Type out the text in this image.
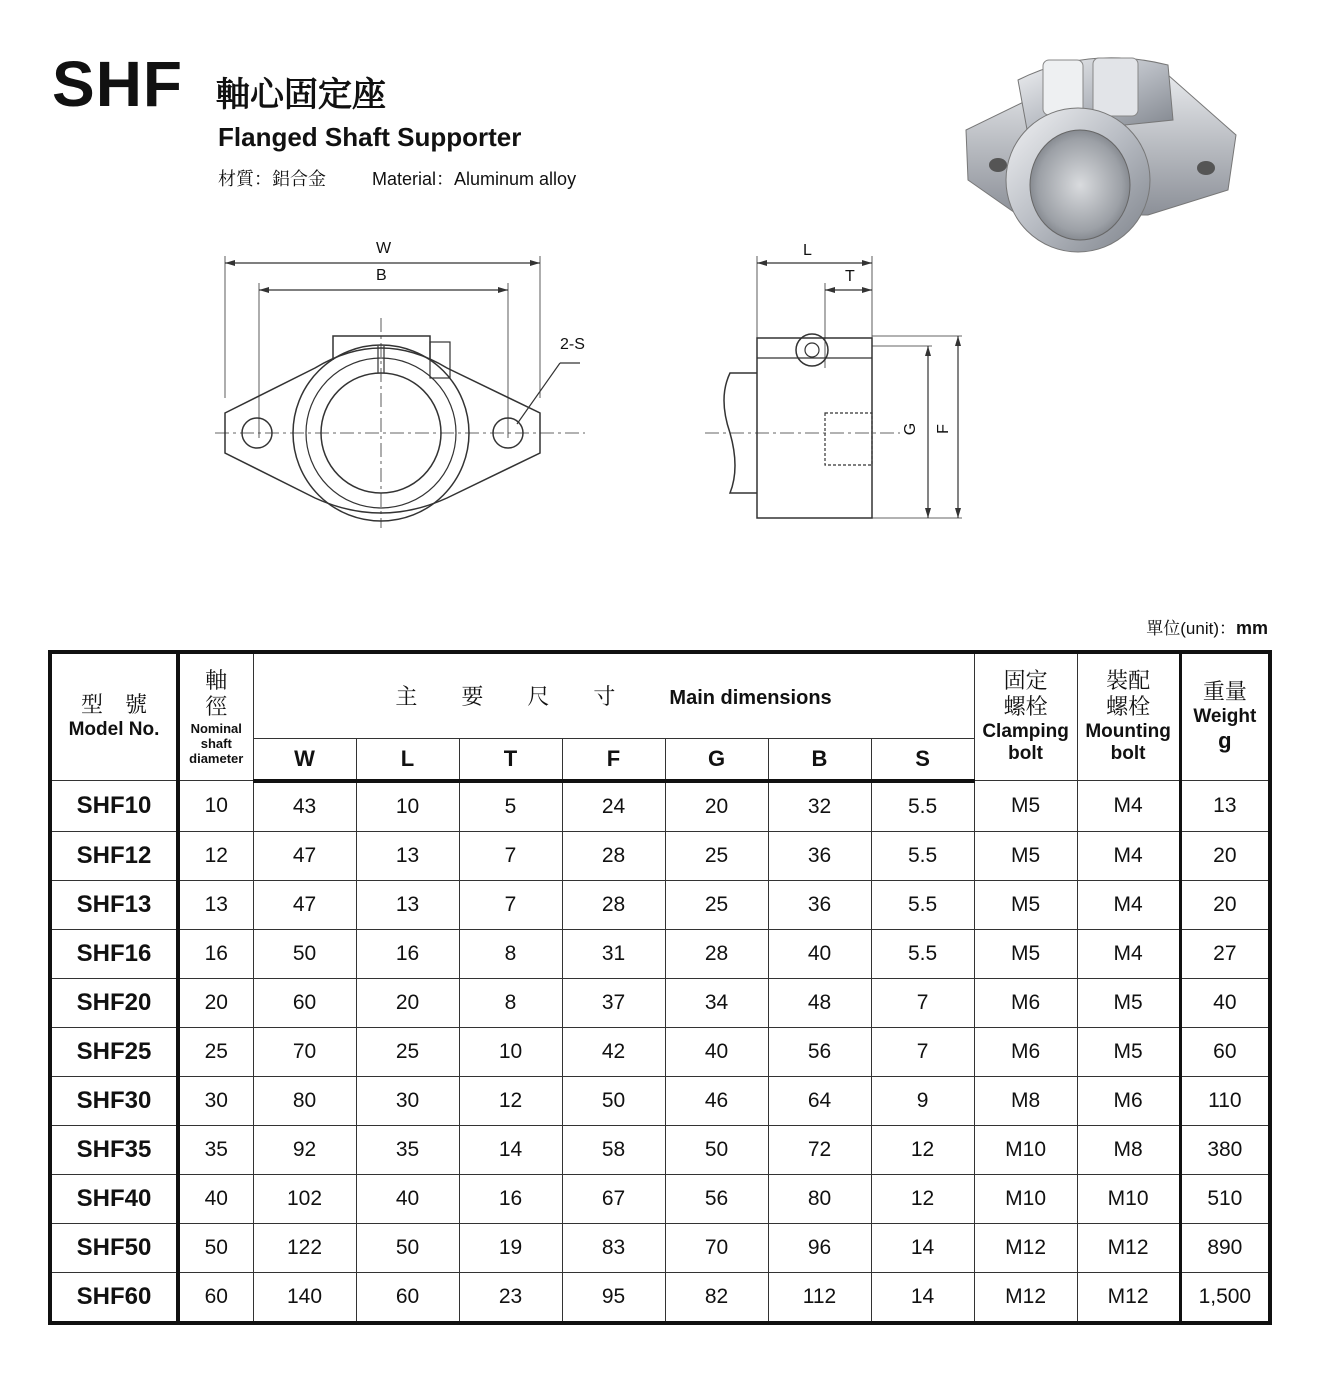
SHF 軸心固定座
Flanged Shaft Supporter
材質：鋁合金	Material：Aluminum alloy
W
B
2-S
L
T
G F
單位(unit)：mm
型　號
Model No.	軸徑
Nominal
shaft
diameter	主要尺寸 Main dimensions							固定
螺栓
Clamping
bolt	裝配
螺栓
Mounting
bolt	重量
Weight
g

		W	L	T	F	G	B	S			
SHF10	10	43	10	5	24	20	32	5.5	M5	M4	13
SHF12	12	47	13	7	28	25	36	5.5	M5	M4	20
SHF13	13	47	13	7	28	25	36	5.5	M5	M4	20
SHF16	16	50	16	8	31	28	40	5.5	M5	M4	27
SHF20	20	60	20	8	37	34	48	7	M6	M5	40
SHF25	25	70	25	10	42	40	56	7	M6	M5	60
SHF30	30	80	30	12	50	46	64	9	M8	M6	110
SHF35	35	92	35	14	58	50	72	12	M10	M8	380
SHF40	40	102	40	16	67	56	80	12	M10	M10	510
SHF50	50	122	50	19	83	70	96	14	M12	M12	890
SHF60	60	140	60	23	95	82	112	14	M12	M12	1,500
